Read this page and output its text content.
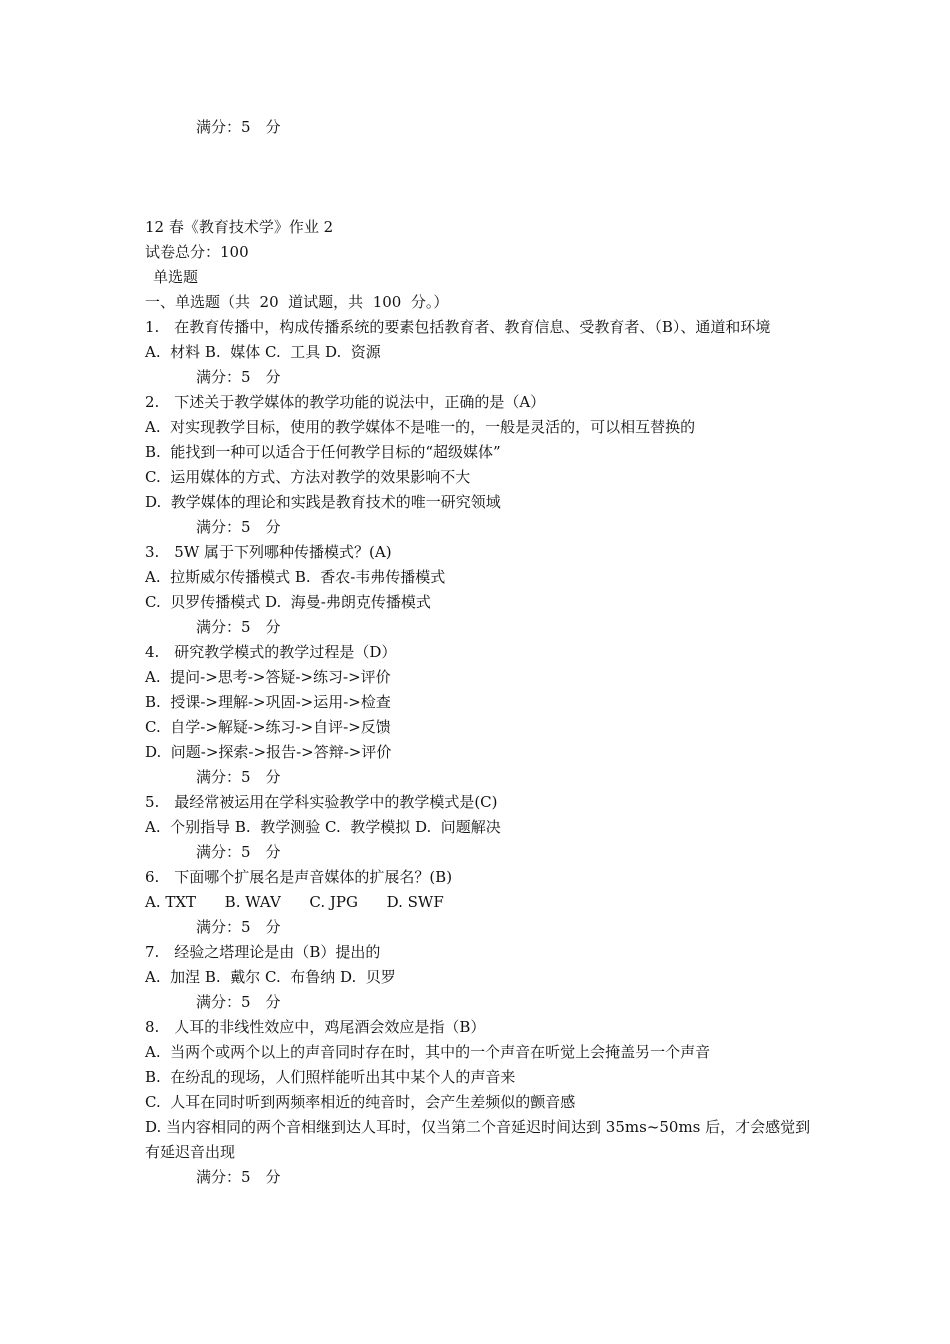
满分：5　分
12 春《教育技术学》作业 2
试卷总分：100
单选题
一、单选题（共  20  道试题，共  100  分。）
1.　在教育传播中，构成传播系统的要素包括教育者、教育信息、受教育者、（B）、通道和环境
A.  材料 B.  媒体 C.  工具 D.  资源
满分：5　分
2.　下述关于教学媒体的教学功能的说法中，正确的是（A）
A.  对实现教学目标，使用的教学媒体不是唯一的，一般是灵活的，可以相互替换的
B.  能找到一种可以适合于任何教学目标的“超级媒体”
C.  运用媒体的方式、方法对教学的效果影响不大
D.  教学媒体的理论和实践是教育技术的唯一研究领域
满分：5　分
3.　5W 属于下列哪种传播模式？(A)
A.  拉斯威尔传播模式 B.  香农-韦弗传播模式
C.  贝罗传播模式 D.  海曼-弗朗克传播模式
满分：5　分
4.　研究教学模式的教学过程是（D）
A.  提问->思考->答疑->练习->评价
B.  授课->理解->巩固->运用->检查
C.  自学->解疑->练习->自评->反馈
D.  问题->探索->报告->答辩->评价
满分：5　分
5.　最经常被运用在学科实验教学中的教学模式是(C)
A.  个别指导 B.  教学测验 C.  教学模拟 D.  问题解决
满分：5　分
6.　下面哪个扩展名是声音媒体的扩展名？(B)
A. TXT      B. WAV      C. JPG      D. SWF
满分：5　分
7.　经验之塔理论是由（B）提出的
A.  加涅 B.  戴尔 C.  布鲁纳 D.  贝罗
满分：5　分
8.　人耳的非线性效应中，鸡尾酒会效应是指（B）
A.  当两个或两个以上的声音同时存在时，其中的一个声音在听觉上会掩盖另一个声音
B.  在纷乱的现场，人们照样能听出其中某个人的声音来
C.  人耳在同时听到两频率相近的纯音时，会产生差频似的颤音感
D. 当内容相同的两个音相继到达人耳时，仅当第二个音延迟时间达到 35ms~50ms 后，才会感觉到有延迟音出现
满分：5　分
